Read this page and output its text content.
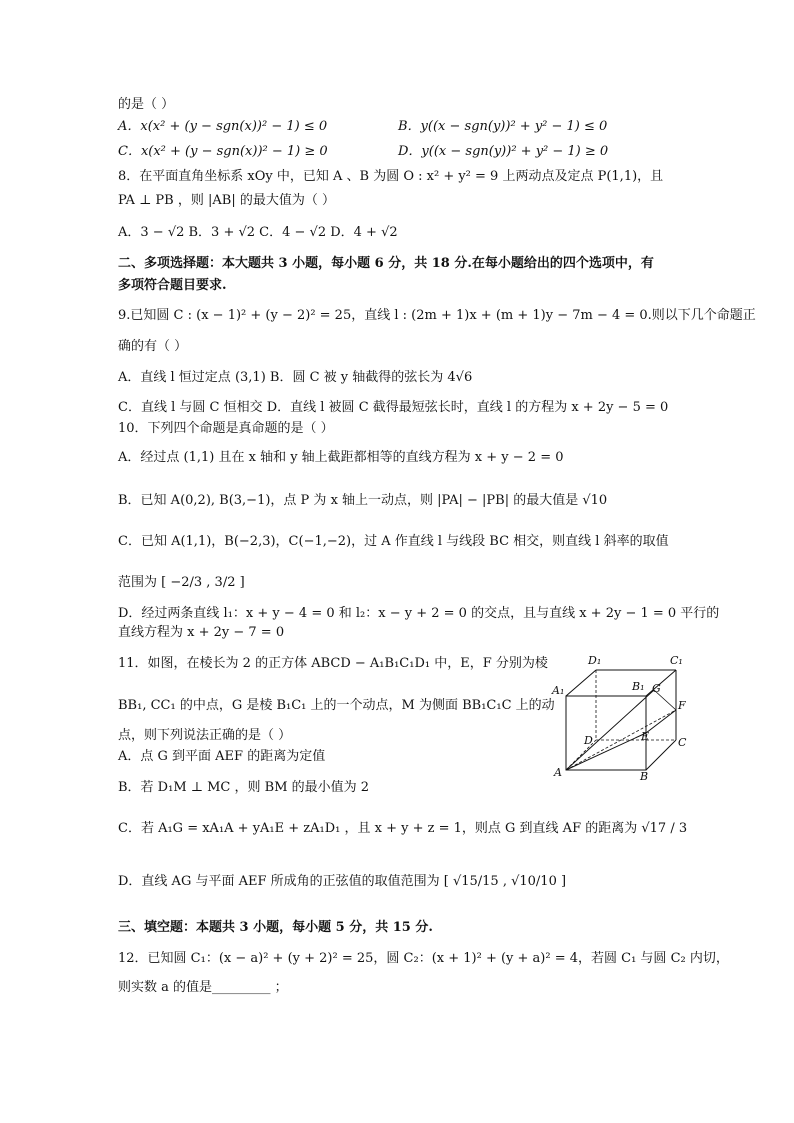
的是（ ）
A．x(x² + (y − sgn(x))² − 1) ≤ 0	B．y((x − sgn(y))² + y² − 1) ≤ 0
C．x(x² + (y − sgn(x))² − 1) ≥ 0	D．y((x − sgn(y))² + y² − 1) ≥ 0
8．在平面直角坐标系 xOy 中，已知 A 、B 为圆 O : x² + y² = 9 上两动点及定点 P(1,1)，且
PA ⊥ PB ，则 |AB| 的最大值为（ ）
A．3 − √2 B．3 + √2 C．4 − √2 D．4 + √2
二、多项选择题：本大题共 3 小题，每小题 6 分，共 18 分.在每小题给出的四个选项中，有
多项符合题目要求.
9.已知圆 C : (x − 1)² + (y − 2)² = 25，直线 l : (2m + 1)x + (m + 1)y − 7m − 4 = 0.则以下几个命题正
确的有（ ）
A．直线 l 恒过定点 (3,1) B．圆 C 被 y 轴截得的弦长为 4√6
C．直线 l 与圆 C 恒相交 D．直线 l 被圆 C 截得最短弦长时，直线 l 的方程为 x + 2y − 5 = 0
10．下列四个命题是真命题的是（ ）
A．经过点 (1,1) 且在 x 轴和 y 轴上截距都相等的直线方程为 x + y − 2 = 0
B．已知 A(0,2), B(3,−1)，点 P 为 x 轴上一动点，则 |PA| − |PB| 的最大值是 √10
C．已知 A(1,1)，B(−2,3)，C(−1,−2)，过 A 作直线 l 与线段 BC 相交，则直线 l 斜率的取值
范围为 [ −2/3 , 3/2 ]
D．经过两条直线 l₁：x + y − 4 = 0 和 l₂：x − y + 2 = 0 的交点，且与直线 x + 2y − 1 = 0 平行的
直线方程为 x + 2y − 7 = 0
11．如图，在棱长为 2 的正方体 ABCD − A₁B₁C₁D₁ 中，E，F 分别为棱
BB₁, CC₁ 的中点，G 是棱 B₁C₁ 上的一个动点，M 为侧面 BB₁C₁C 上的动
点，则下列说法正确的是（ ）
A．点 G 到平面 AEF 的距离为定值
B．若 D₁M ⊥ MC ，则 BM 的最小值为 2
C．若 A₁G = xA₁A + yA₁E + zA₁D₁ ，且 x + y + z = 1，则点 G 到直线 AF 的距离为 √17 / 3
D．直线 AG 与平面 AEF 所成角的正弦值的取值范围为 [ √15/15 , √10/10 ]
三、填空题：本题共 3 小题，每小题 5 分，共 15 分.
12．已知圆 C₁：(x − a)² + (y + 2)² = 25，圆 C₂：(x + 1)² + (y + a)² = 4，若圆 C₁ 与圆 C₂ 内切，
则实数 a 的值是_________ ；
D₁	C₁
A₁	B₁ G
F
D	E	C
A	B
